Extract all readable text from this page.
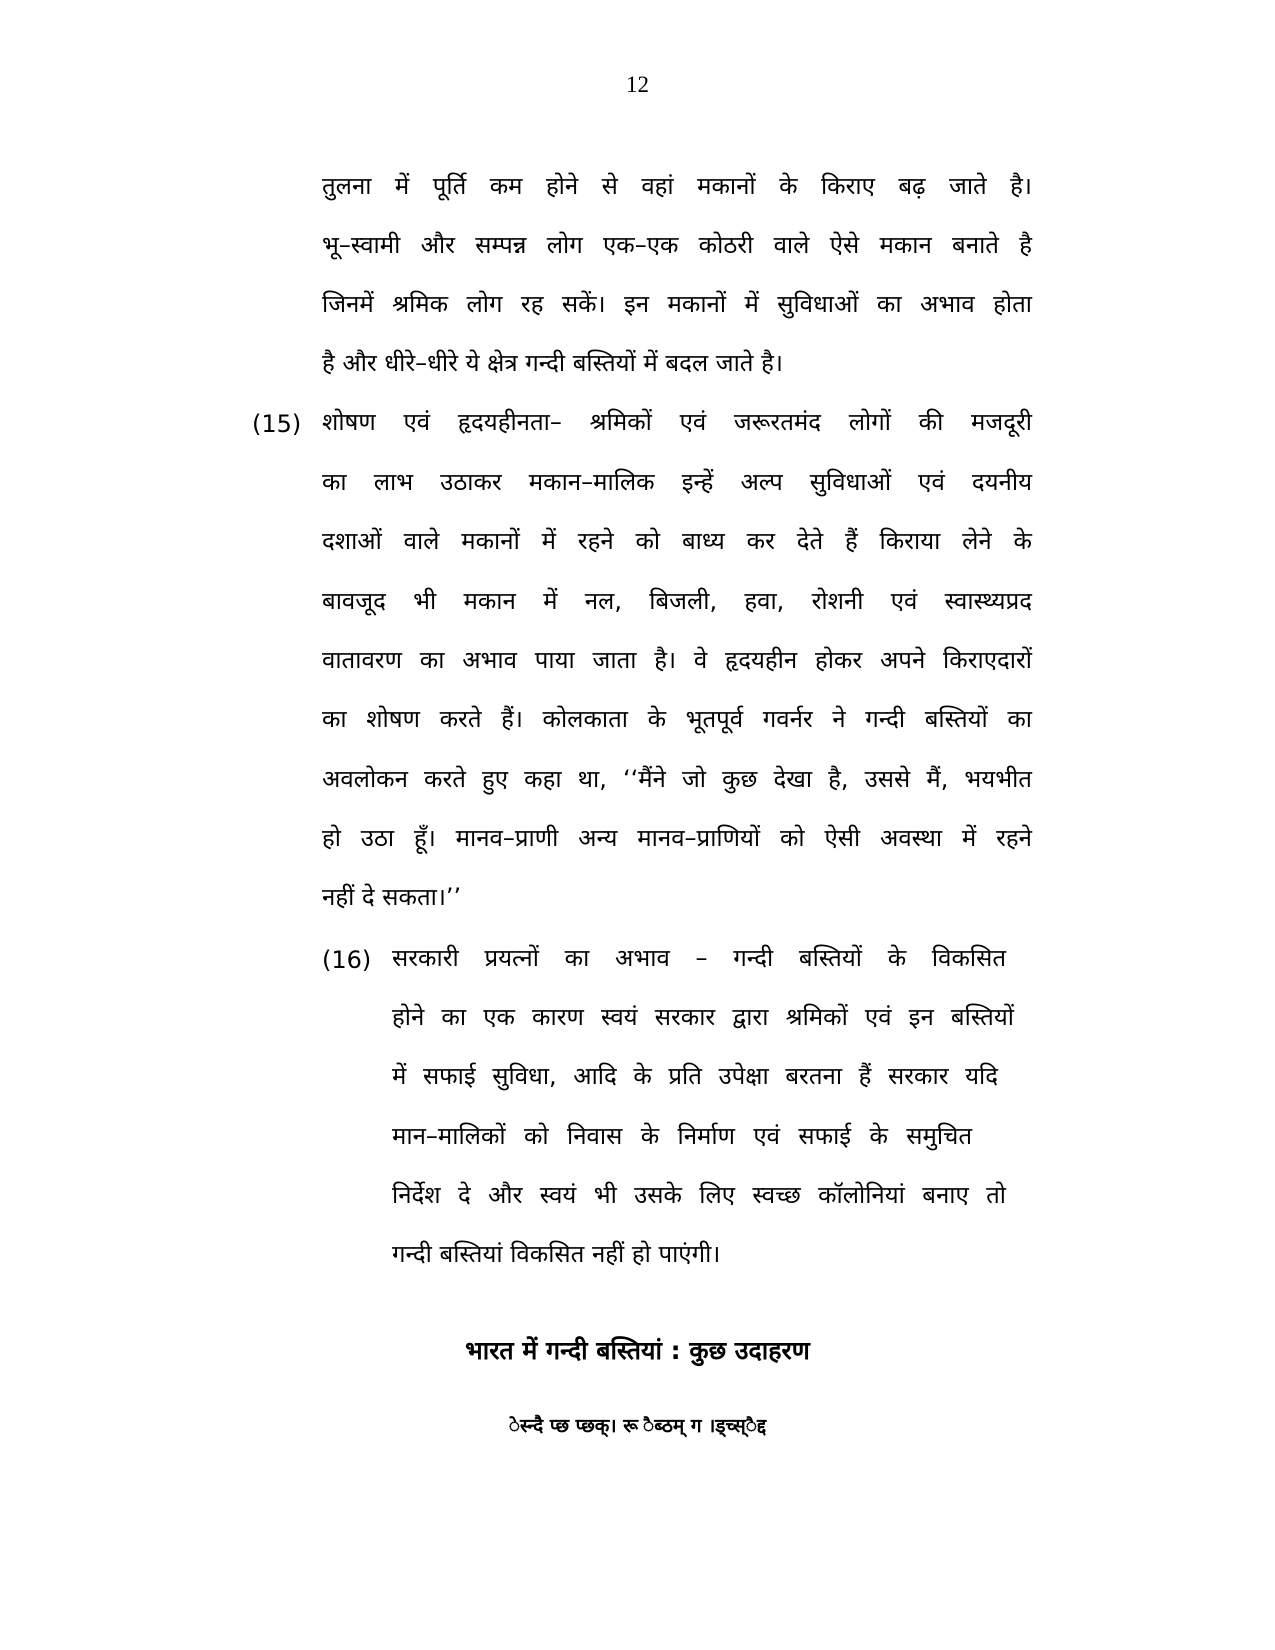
12
तुलना में पूर्ति कम होने से वहां मकानों के किराए बढ़ जाते है।
भू–स्वामी और सम्पन्न लोग एक–एक कोठरी वाले ऐसे मकान बनाते है
जिनमें श्रमिक लोग रह सकें। इन मकानों में सुविधाओं का अभाव होता
है और धीरे–धीरे ये क्षेत्र गन्दी बस्तियों में बदल जाते है।
(15) शोषण एवं हृदयहीनता– श्रमिकों एवं जरूरतमंद लोगों की मजदूरी
का लाभ उठाकर मकान–मालिक इन्हें अल्प सुविधाओं एवं दयनीय
दशाओं वाले मकानों में रहने को बाध्य कर देते हैं किराया लेने के
बावजूद भी मकान में नल, बिजली, हवा, रोशनी एवं स्वास्थ्यप्रद
वातावरण का अभाव पाया जाता है। वे हृदयहीन होकर अपने किराएदारों
का शोषण करते हैं। कोलकाता के भूतपूर्व गवर्नर ने गन्दी बस्तियों का
अवलोकन करते हुए कहा था, ‘‘मैंने जो कुछ देखा है, उससे मैं, भयभीत
हो उठा हूँ। मानव–प्राणी अन्य मानव–प्राणियों को ऐसी अवस्था में रहने
नहीं दे सकता।’’
(16) सरकारी प्रयत्नों का अभाव – गन्दी बस्तियों के विकसित
होने का एक कारण स्वयं सरकार द्वारा श्रमिकों एवं इन बस्तियों
में सफाई सुविधा, आदि के प्रति उपेक्षा बरतना हैं सरकार यदि
मान–मालिकों को निवास के निर्माण एवं सफाई के समुचित
निर्देश दे और स्वयं भी उसके लिए स्वच्छ कॉलोनियां बनाए तो
गन्दी बस्तियां विकसित नहीं हो पाएंगी।
भारत में गन्दी बस्तियां : कुछ उदाहरण
ेस्न्दै प्छ प्छक्। रू ैब्ठम् ग ।ड्च्स्ैद्द
